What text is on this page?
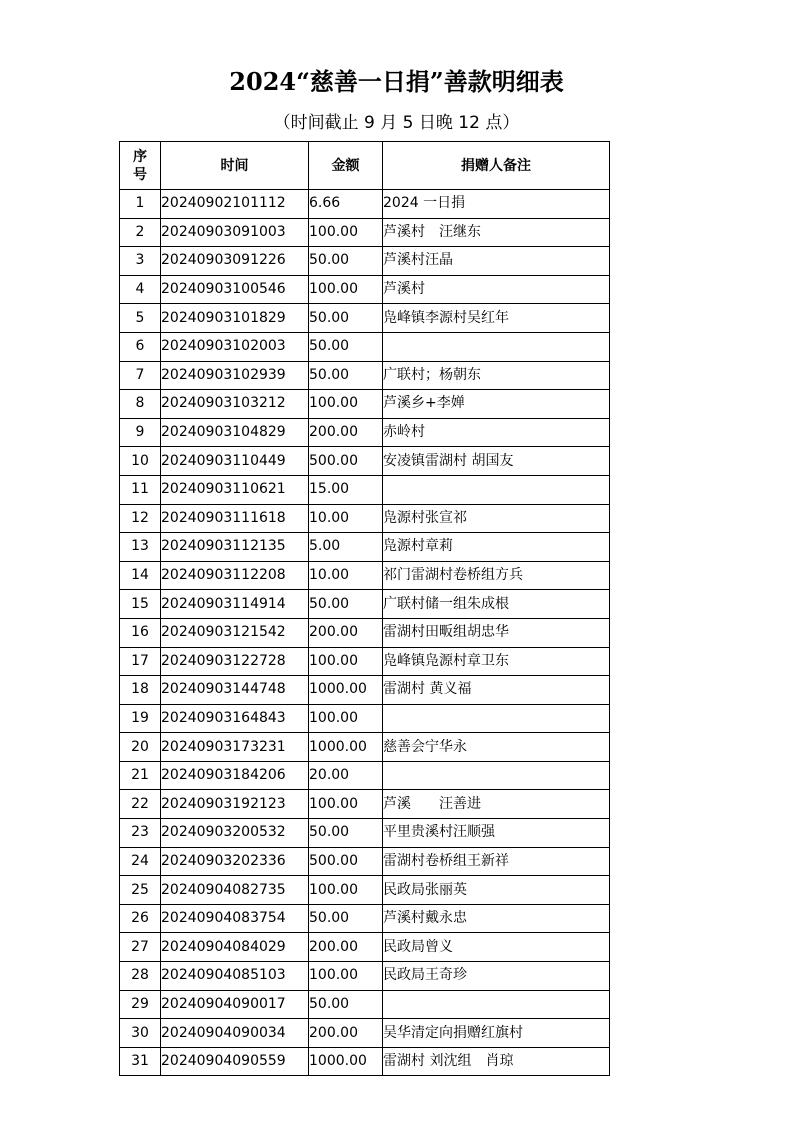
2024“慈善一日捐”善款明细表
（时间截止 9 月 5 日晚 12 点）
序号	时间	金额	捐赠人备注
1	20240902101112	6.66	2024 一日捐
2	20240903091003	100.00	芦溪村　汪继东
3	20240903091226	50.00	芦溪村汪晶
4	20240903100546	100.00	芦溪村
5	20240903101829	50.00	凫峰镇李源村吴红年
6	20240903102003	50.00	
7	20240903102939	50.00	广联村；杨朝东
8	20240903103212	100.00	芦溪乡+李婵
9	20240903104829	200.00	赤岭村
10	20240903110449	500.00	安凌镇雷湖村 胡国友
11	20240903110621	15.00	
12	20240903111618	10.00	凫源村张宣祁
13	20240903112135	5.00	凫源村章莉
14	20240903112208	10.00	祁门雷湖村卷桥组方兵
15	20240903114914	50.00	广联村储一组朱成根
16	20240903121542	200.00	雷湖村田畈组胡忠华
17	20240903122728	100.00	凫峰镇凫源村章卫东
18	20240903144748	1000.00	雷湖村 黄义福
19	20240903164843	100.00	
20	20240903173231	1000.00	慈善会宁华永
21	20240903184206	20.00	
22	20240903192123	100.00	芦溪　　汪善进
23	20240903200532	50.00	平里贵溪村汪顺强
24	20240903202336	500.00	雷湖村卷桥组王新祥
25	20240904082735	100.00	民政局张丽英
26	20240904083754	50.00	芦溪村戴永忠
27	20240904084029	200.00	民政局曾义
28	20240904085103	100.00	民政局王奇珍
29	20240904090017	50.00	
30	20240904090034	200.00	吴华清定向捐赠红旗村
31	20240904090559	1000.00	雷湖村 刘沈组　肖琼
